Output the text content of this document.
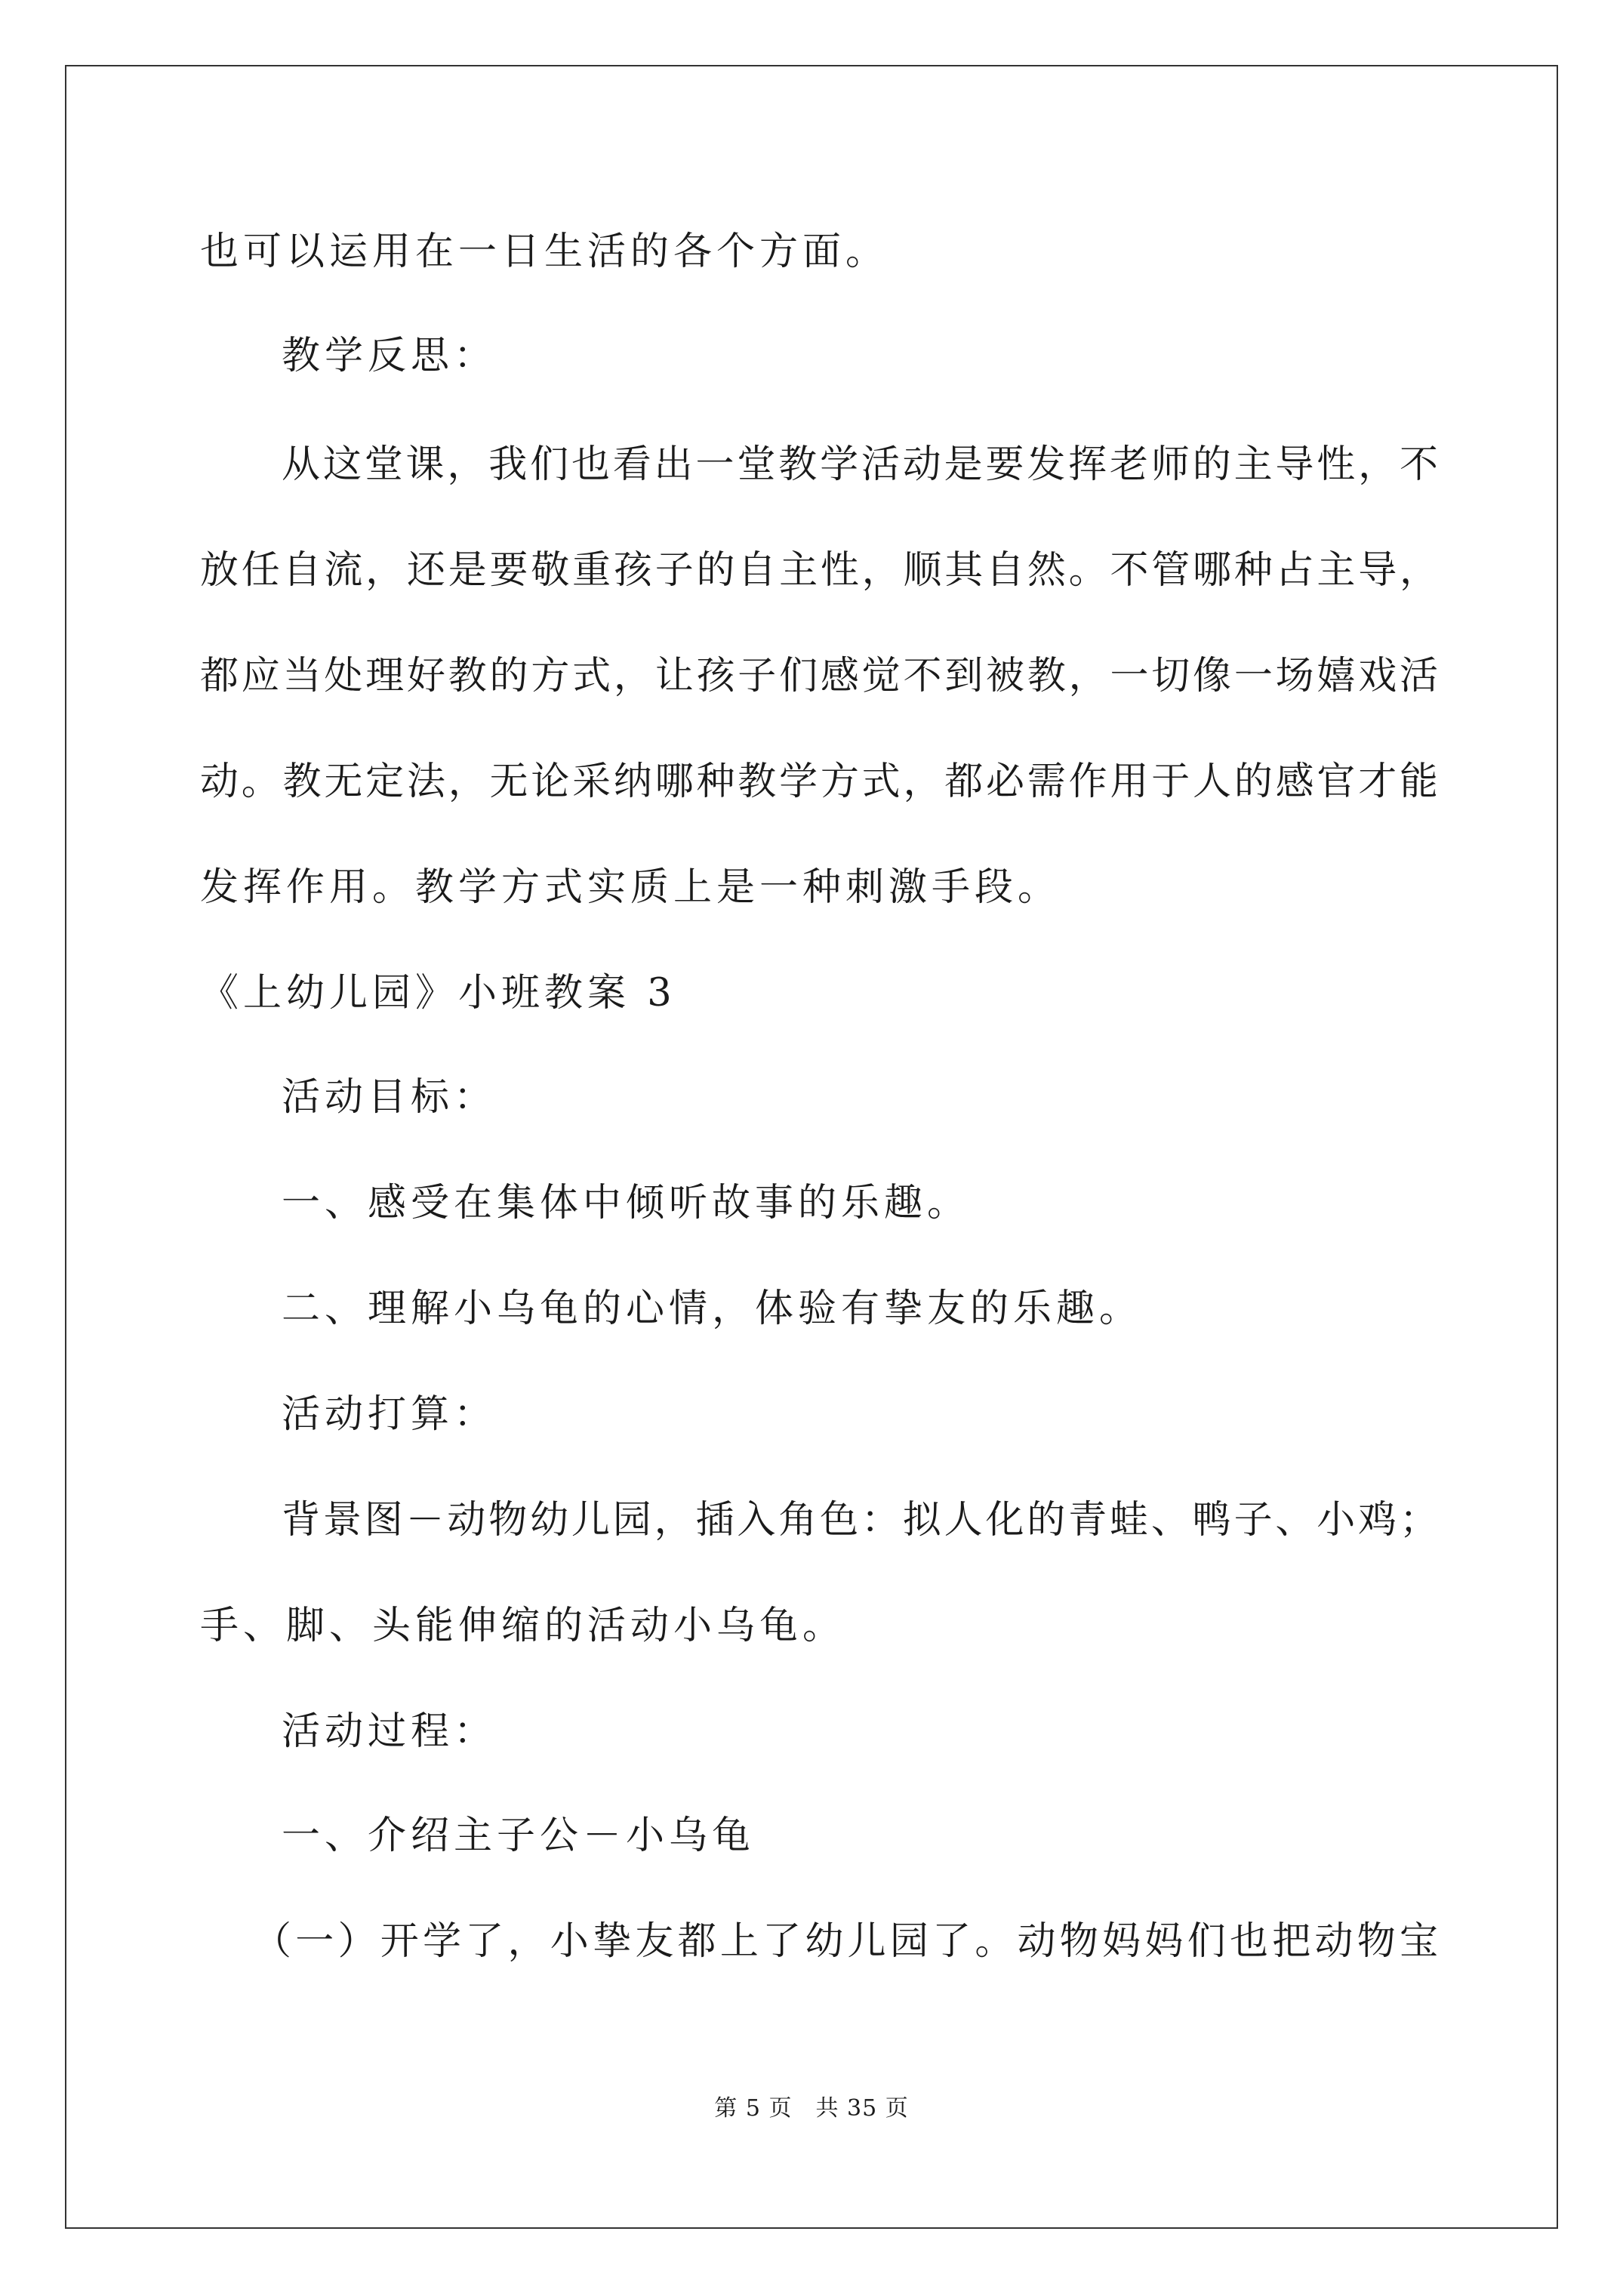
也可以运用在一日生活的各个方面。
教学反思：
从这堂课，我们也看出一堂教学活动是要发挥老师的主导性，不
放任自流，还是要敬重孩子的自主性，顺其自然。不管哪种占主导，
都应当处理好教的方式，让孩子们感觉不到被教，一切像一场嬉戏活
动。教无定法，无论采纳哪种教学方式，都必需作用于人的感官才能
发挥作用。教学方式实质上是一种刺激手段。
《上幼儿园》小班教案 3
活动目标：
一、感受在集体中倾听故事的乐趣。
二、理解小乌龟的心情，体验有挚友的乐趣。
活动打算：
背景图－动物幼儿园，插入角色：拟人化的青蛙、鸭子、小鸡；
手、脚、头能伸缩的活动小乌龟。
活动过程：
一、介绍主子公－小乌龟
（一）开学了，小挚友都上了幼儿园了。动物妈妈们也把动物宝
第 5 页　共 35 页
